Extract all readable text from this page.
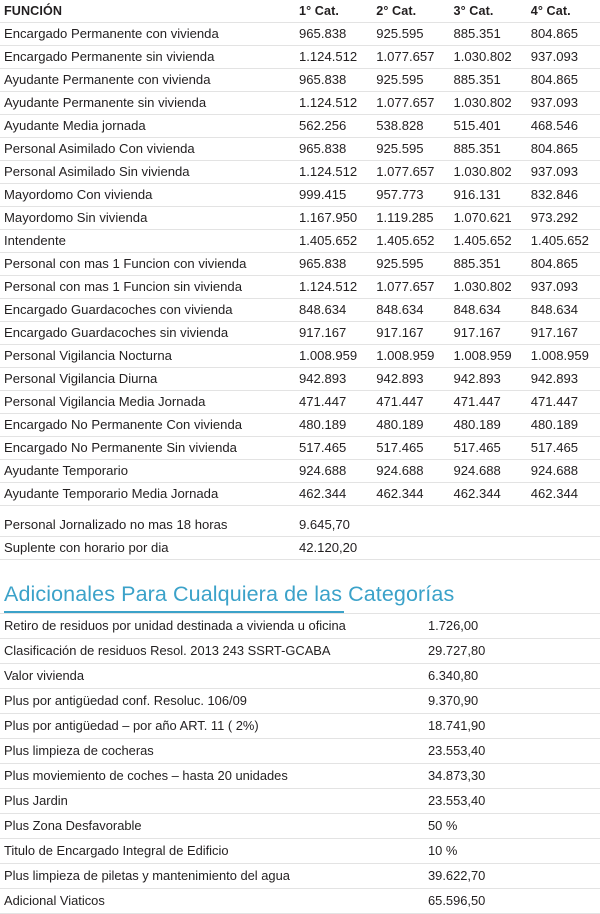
FUNCIÓN	1° Cat.	2° Cat.	3° Cat.	4° Cat.
Encargado Permanente con vivienda	965.838	925.595	885.351	804.865
Encargado Permanente sin vivienda	1.124.512	1.077.657	1.030.802	937.093
Ayudante Permanente con vivienda	965.838	925.595	885.351	804.865
Ayudante Permanente sin vivienda	1.124.512	1.077.657	1.030.802	937.093
Ayudante Media jornada	562.256	538.828	515.401	468.546
Personal Asimilado Con vivienda	965.838	925.595	885.351	804.865
Personal Asimilado Sin vivienda	1.124.512	1.077.657	1.030.802	937.093
Mayordomo Con vivienda	999.415	957.773	916.131	832.846
Mayordomo Sin vivienda	1.167.950	1.119.285	1.070.621	973.292
Intendente	1.405.652	1.405.652	1.405.652	1.405.652
Personal con mas 1 Funcion con vivienda	965.838	925.595	885.351	804.865
Personal con mas 1 Funcion sin vivienda	1.124.512	1.077.657	1.030.802	937.093
Encargado Guardacoches con vivienda	848.634	848.634	848.634	848.634
Encargado Guardacoches sin vivienda	917.167	917.167	917.167	917.167
Personal Vigilancia Nocturna	1.008.959	1.008.959	1.008.959	1.008.959
Personal Vigilancia Diurna	942.893	942.893	942.893	942.893
Personal Vigilancia Media Jornada	471.447	471.447	471.447	471.447
Encargado No Permanente Con vivienda	480.189	480.189	480.189	480.189
Encargado No Permanente Sin vivienda	517.465	517.465	517.465	517.465
Ayudante Temporario	924.688	924.688	924.688	924.688
Ayudante Temporario Media Jornada	462.344	462.344	462.344	462.344

Personal Jornalizado no mas 18 horas	9.645,70			
Suplente con horario por dia	42.120,20			
Adicionales Para Cualquiera de las Categorías
Retiro de residuos por unidad destinada a vivienda u oficina	1.726,00
Clasificación de residuos Resol. 2013 243 SSRT-GCABA	29.727,80
Valor vivienda	6.340,80
Plus por antigüedad conf. Resoluc. 106/09	9.370,90
Plus por antigüedad – por año ART. 11 ( 2%)	18.741,90
Plus limpieza de cocheras	23.553,40
Plus moviemiento de coches – hasta 20 unidades	34.873,30
Plus Jardin	23.553,40
Plus Zona Desfavorable	50 %
Titulo de Encargado Integral de Edificio	10 %
Plus limpieza de piletas y mantenimiento del agua	39.622,70
Adicional Viaticos	65.596,50
